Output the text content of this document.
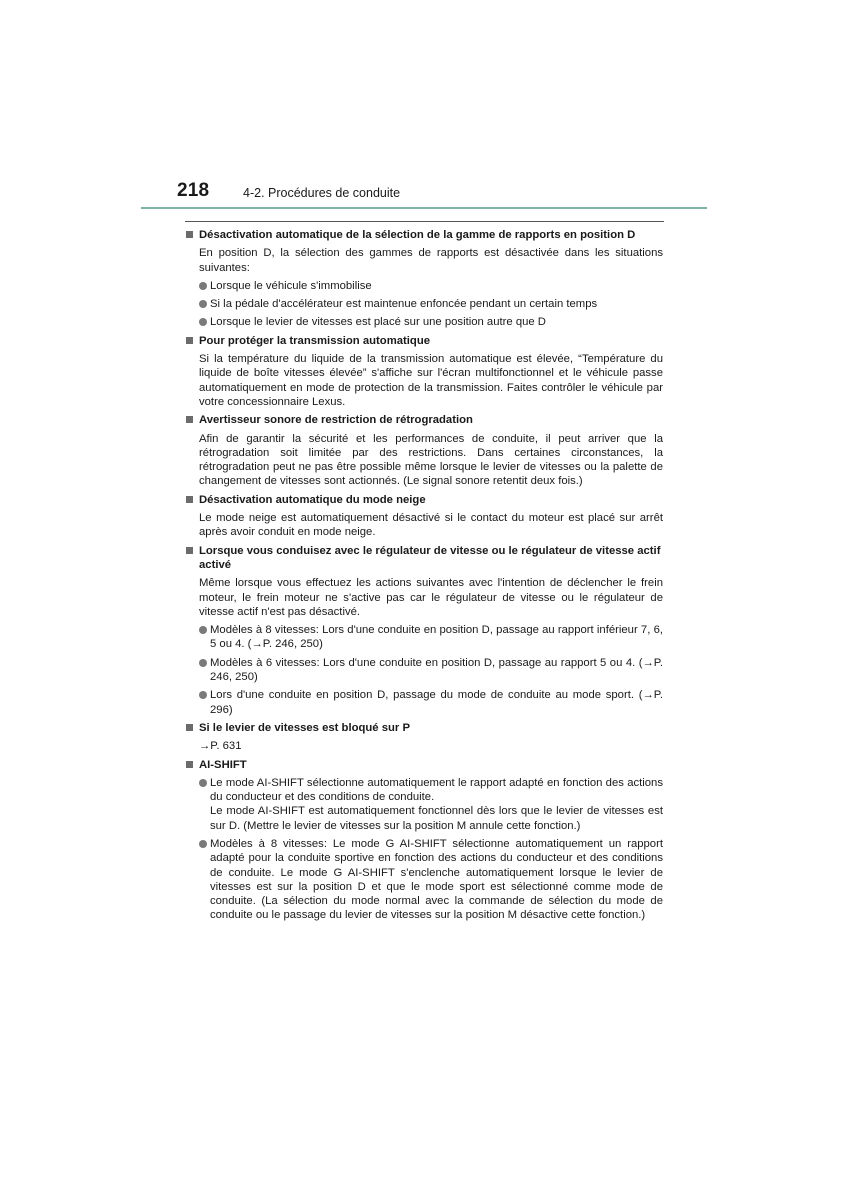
218	4-2. Procédures de conduite
Désactivation automatique de la sélection de la gamme de rapports en position D
En position D, la sélection des gammes de rapports est désactivée dans les situations suivantes:
Lorsque le véhicule s'immobilise
Si la pédale d'accélérateur est maintenue enfoncée pendant un certain temps
Lorsque le levier de vitesses est placé sur une position autre que D
Pour protéger la transmission automatique
Si la température du liquide de la transmission automatique est élevée, “Température du liquide de boîte vitesses élevée” s'affiche sur l'écran multifonctionnel et le véhicule passe automatiquement en mode de protection de la transmission. Faites contrôler le véhicule par votre concessionnaire Lexus.
Avertisseur sonore de restriction de rétrogradation
Afin de garantir la sécurité et les performances de conduite, il peut arriver que la rétrogradation soit limitée par des restrictions. Dans certaines circonstances, la rétrogradation peut ne pas être possible même lorsque le levier de vitesses ou la palette de changement de vitesses sont actionnés. (Le signal sonore retentit deux fois.)
Désactivation automatique du mode neige
Le mode neige est automatiquement désactivé si le contact du moteur est placé sur arrêt après avoir conduit en mode neige.
Lorsque vous conduisez avec le régulateur de vitesse ou le régulateur de vitesse actif activé
Même lorsque vous effectuez les actions suivantes avec l'intention de déclencher le frein moteur, le frein moteur ne s'active pas car le régulateur de vitesse ou le régulateur de vitesse actif n'est pas désactivé.
Modèles à 8 vitesses: Lors d'une conduite en position D, passage au rapport inférieur 7, 6, 5 ou 4. (→P. 246, 250)
Modèles à 6 vitesses: Lors d'une conduite en position D, passage au rapport 5 ou 4. (→P. 246, 250)
Lors d'une conduite en position D, passage du mode de conduite au mode sport. (→P. 296)
Si le levier de vitesses est bloqué sur P
→P. 631
AI-SHIFT
Le mode AI-SHIFT sélectionne automatiquement le rapport adapté en fonction des actions du conducteur et des conditions de conduite.
Le mode AI-SHIFT est automatiquement fonctionnel dès lors que le levier de vitesses est sur D. (Mettre le levier de vitesses sur la position M annule cette fonction.)
Modèles à 8 vitesses: Le mode G AI-SHIFT sélectionne automatiquement un rapport adapté pour la conduite sportive en fonction des actions du conducteur et des conditions de conduite. Le mode G AI-SHIFT s'enclenche automatiquement lorsque le levier de vitesses est sur la position D et que le mode sport est sélectionné comme mode de conduite. (La sélection du mode normal avec la commande de sélection du mode de conduite ou le passage du levier de vitesses sur la position M désactive cette fonction.)
